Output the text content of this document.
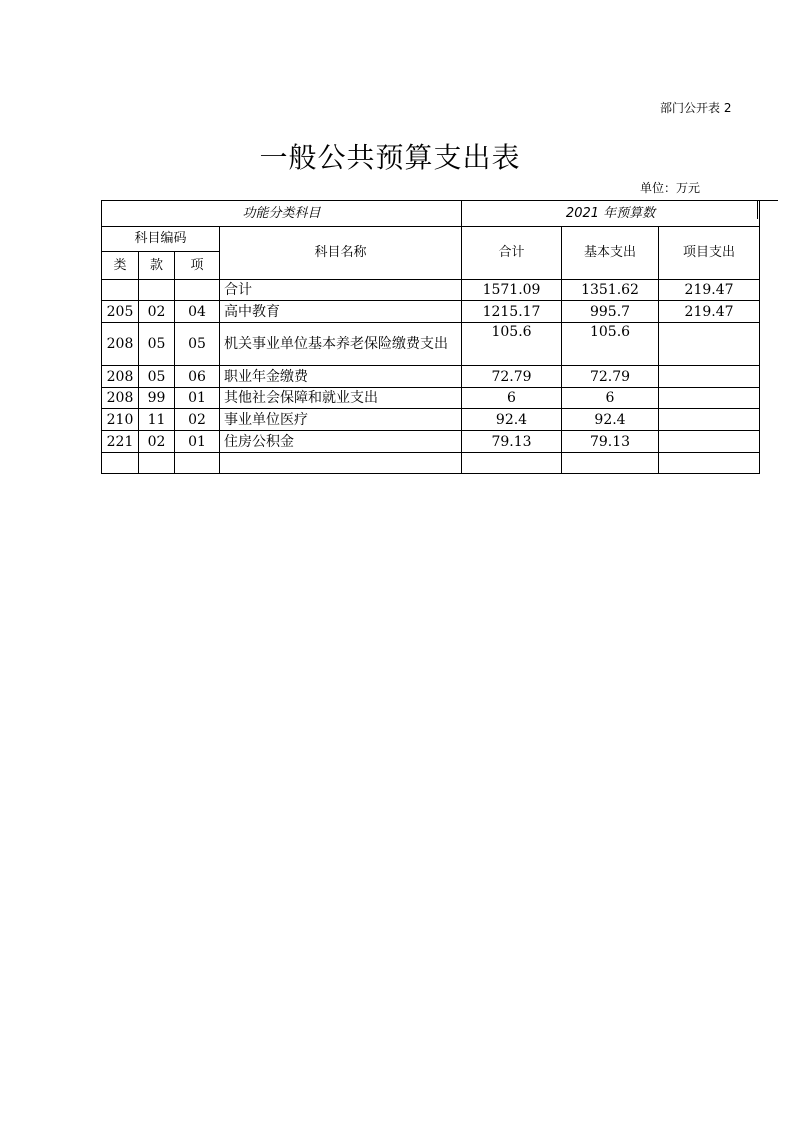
部门公开表 2
一般公共预算支出表
单位：万元
功能分类科目				2021 年预算数		
科目编码			科目名称	合计	基本支出	项目支出
类	款	项				
			合计	1571.09	1351.62	219.47
205	02	04	高中教育	1215.17	995.7	219.47
208	05	05	机关事业单位基本养老保险缴费支出	105.6	105.6	
208	05	06	职业年金缴费	72.79	72.79	
208	99	01	其他社会保障和就业支出	6	6	
210	11	02	事业单位医疗	92.4	92.4	
221	02	01	住房公积金	79.13	79.13	
